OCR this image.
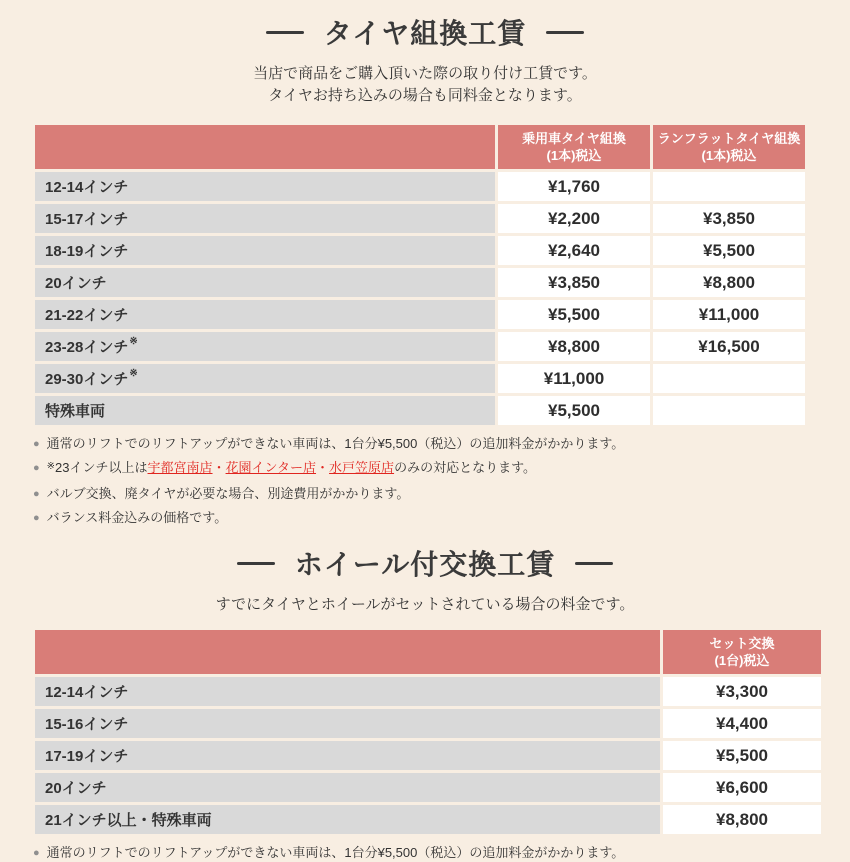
タイヤ組換工賃

当店で商品をご購入頂いた際の取り付け工賃です。
タイヤお持ち込みの場合も同料金となります。

乗用車タイヤ組換
(1本)税込
ランフラットタイヤ組換
(1本)税込
12-14インチ	¥1,760
15-17インチ	¥2,200	¥3,850
18-19インチ	¥2,640	¥5,500
20インチ	¥3,850	¥8,800
21-22インチ	¥5,500	¥11,000
23-28インチ※	¥8,800	¥16,500
29-30インチ※	¥11,000
特殊車両	¥5,500
● 通常のリフトでのリフトアップができない車両は、1台分¥5,500（税込）の追加料金がかかります。
● ※23インチ以上は宇都宮南店・花園インター店・水戸笠原店のみの対応となります。
● バルブ交換、廃タイヤが必要な場合、別途費用がかかります。
● バランス料金込みの価格です。
ホイール付交換工賃

すでにタイヤとホイールがセットされている場合の料金です。

セット交換
(1台)税込
12-14インチ	¥3,300
15-16インチ	¥4,400
17-19インチ	¥5,500
20インチ	¥6,600
21インチ以上・特殊車両	¥8,800
● 通常のリフトでのリフトアップができない車両は、1台分¥5,500（税込）の追加料金がかかります。
